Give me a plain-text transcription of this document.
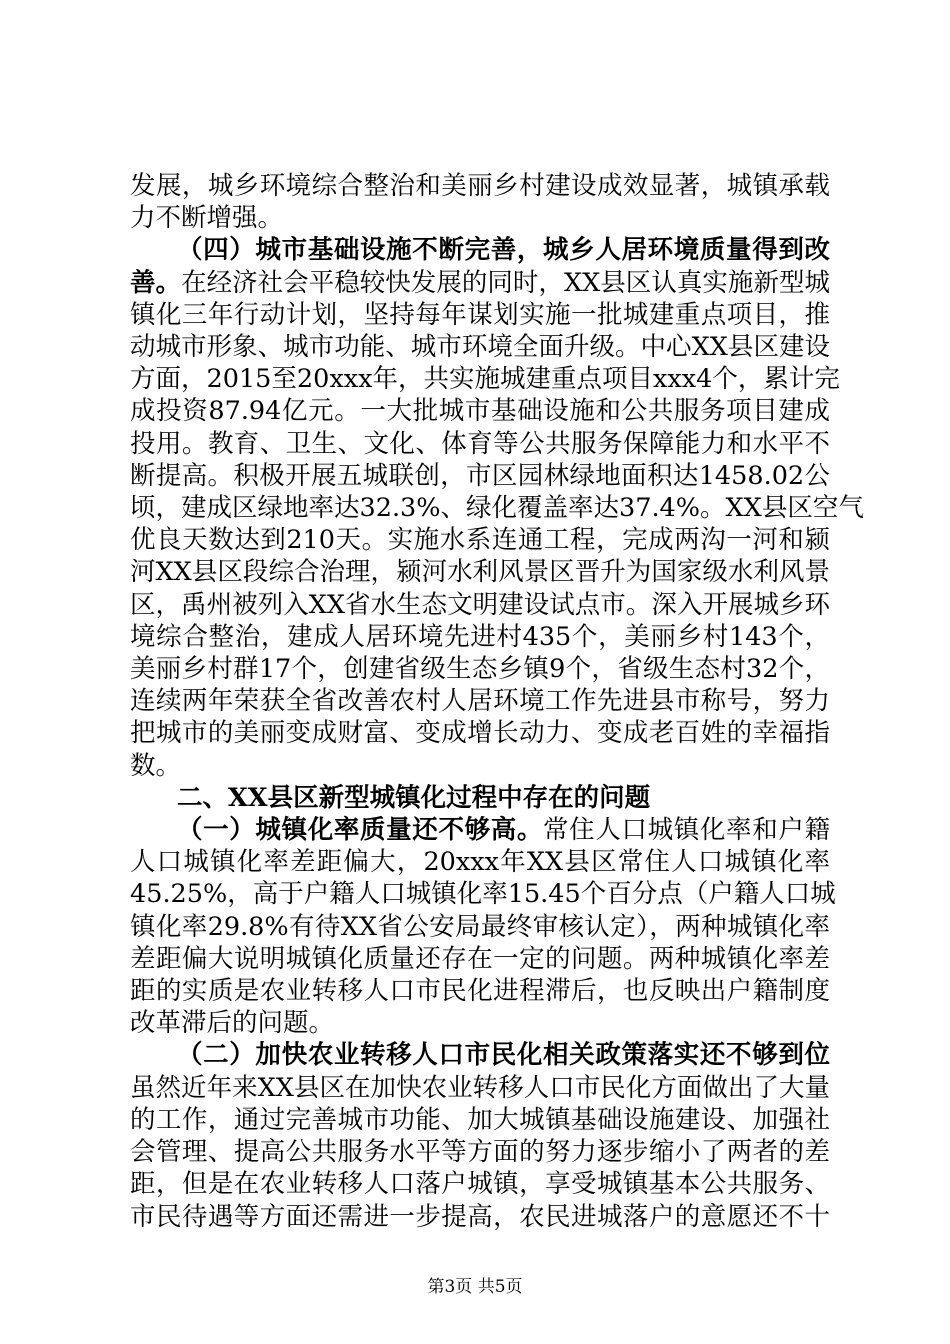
发展，城乡环境综合整治和美丽乡村建设成效显著，城镇承载
力不断增强。
（四）城市基础设施不断完善，城乡人居环境质量得到改
善。在经济社会平稳较快发展的同时，XX县区认真实施新型城
镇化三年行动计划，坚持每年谋划实施一批城建重点项目，推
动城市形象、城市功能、城市环境全面升级。中心XX县区建设
方面，2015至20xxx年，共实施城建重点项目xxx4个，累计完
成投资87.94亿元。一大批城市基础设施和公共服务项目建成
投用。教育、卫生、文化、体育等公共服务保障能力和水平不
断提高。积极开展五城联创，市区园林绿地面积达1458.02公
顷，建成区绿地率达32.3%、绿化覆盖率达37.4%。XX县区空气
优良天数达到210天。实施水系连通工程，完成两沟一河和颍
河XX县区段综合治理，颍河水利风景区晋升为国家级水利风景
区，禹州被列入XX省水生态文明建设试点市。深入开展城乡环
境综合整治，建成人居环境先进村435个，美丽乡村143个，
美丽乡村群17个，创建省级生态乡镇9个，省级生态村32个，
连续两年荣获全省改善农村人居环境工作先进县市称号，努力
把城市的美丽变成财富、变成增长动力、变成老百姓的幸福指
数。
二、XX县区新型城镇化过程中存在的问题
（一）城镇化率质量还不够高。常住人口城镇化率和户籍
人口城镇化率差距偏大，20xxx年XX县区常住人口城镇化率
45.25%，高于户籍人口城镇化率15.45个百分点（户籍人口城
镇化率29.8%有待XX省公安局最终审核认定），两种城镇化率
差距偏大说明城镇化质量还存在一定的问题。两种城镇化率差
距的实质是农业转移人口市民化进程滞后，也反映出户籍制度
改革滞后的问题。
（二）加快农业转移人口市民化相关政策落实还不够到位
虽然近年来XX县区在加快农业转移人口市民化方面做出了大量
的工作，通过完善城市功能、加大城镇基础设施建设、加强社
会管理、提高公共服务水平等方面的努力逐步缩小了两者的差
距，但是在农业转移人口落户城镇，享受城镇基本公共服务、
市民待遇等方面还需进一步提高，农民进城落户的意愿还不十
第3页 共5页
